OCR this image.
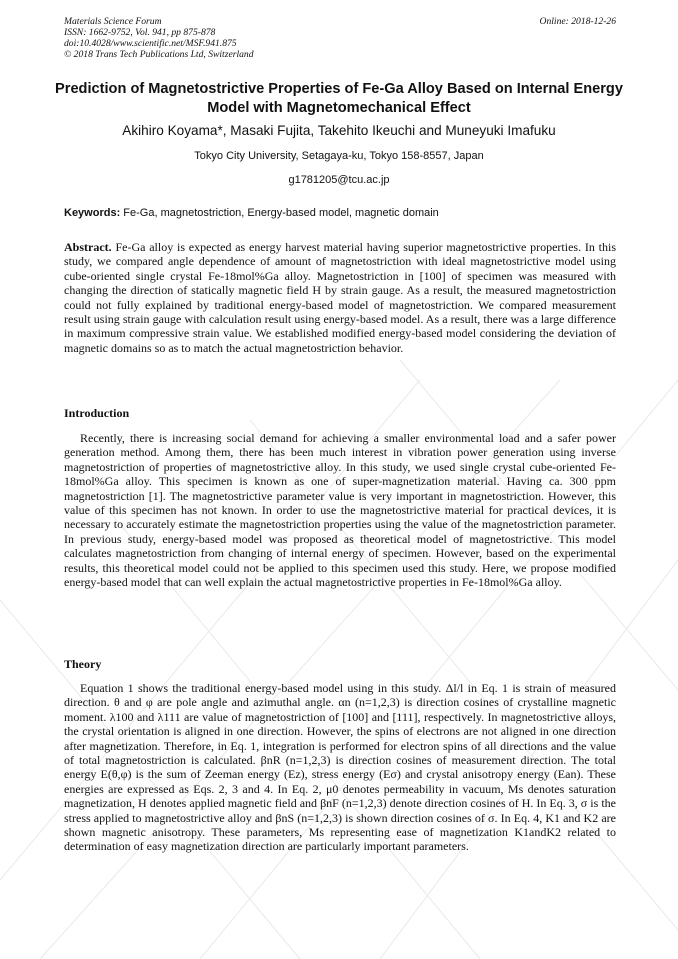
Materials Science Forum
ISSN: 1662-9752, Vol. 941, pp 875-878
doi:10.4028/www.scientific.net/MSF.941.875
© 2018 Trans Tech Publications Ltd, Switzerland
Online: 2018-12-26
Prediction of Magnetostrictive Properties of Fe-Ga Alloy Based on Internal Energy Model with Magnetomechanical Effect
Akihiro Koyama*, Masaki Fujita, Takehito Ikeuchi and Muneyuki Imafuku
Tokyo City University, Setagaya-ku, Tokyo 158-8557, Japan
g1781205@tcu.ac.jp
Keywords: Fe-Ga, magnetostriction, Energy-based model, magnetic domain
Abstract. Fe-Ga alloy is expected as energy harvest material having superior magnetostrictive properties. In this study, we compared angle dependence of amount of magnetostriction with ideal magnetostrictive model using cube-oriented single crystal Fe-18mol%Ga alloy. Magnetostriction in [100] of specimen was measured with changing the direction of statically magnetic field H by strain gauge. As a result, the measured magnetostriction could not fully explained by traditional energy-based model of magnetostriction. We compared measurement result using strain gauge with calculation result using energy-based model. As a result, there was a large difference in maximum compressive strain value. We established modified energy-based model considering the deviation of magnetic domains so as to match the actual magnetostriction behavior.
Introduction
Recently, there is increasing social demand for achieving a smaller environmental load and a safer power generation method. Among them, there has been much interest in vibration power generation using inverse magnetostriction of properties of magnetostrictive alloy. In this study, we used single crystal cube-oriented Fe-18mol%Ga alloy. This specimen is known as one of super-magnetization material. Having ca. 300 ppm magnetostriction [1]. The magnetostrictive parameter value is very important in magnetostriction. However, this value of this specimen has not known. In order to use the magnetostrictive material for practical devices, it is necessary to accurately estimate the magnetostriction properties using the value of the magnetostriction parameter. In previous study, energy-based model was proposed as theoretical model of magnetostrictive. This model calculates magnetostriction from changing of internal energy of specimen. However, based on the experimental results, this theoretical model could not be applied to this specimen used this study. Here, we propose modified energy-based model that can well explain the actual magnetostrictive properties in Fe-18mol%Ga alloy.
Theory
Equation 1 shows the traditional energy-based model using in this study. Δl/l in Eq. 1 is strain of measured direction. θ and φ are pole angle and azimuthal angle. αn (n=1,2,3) is direction cosines of crystalline magnetic moment. λ100 and λ111 are value of magnetostriction of [100] and [111], respectively. In magnetostrictive alloys, the crystal orientation is aligned in one direction. However, the spins of electrons are not aligned in one direction after magnetization. Therefore, in Eq. 1, integration is performed for electron spins of all directions and the value of total magnetostriction is calculated. βnR (n=1,2,3) is direction cosines of measurement direction. The total energy E(θ,φ) is the sum of Zeeman energy (Ez), stress energy (Eσ) and crystal anisotropy energy (Ean). These energies are expressed as Eqs. 2, 3 and 4. In Eq. 2, μ0 denotes permeability in vacuum, Ms denotes saturation magnetization, H denotes applied magnetic field and βnF (n=1,2,3) denote direction cosines of H. In Eq. 3, σ is the stress applied to magnetostrictive alloy and βnS (n=1,2,3) is shown direction cosines of σ. In Eq. 4, K1 and K2 are shown magnetic anisotropy. These parameters, Ms representing ease of magnetization K1andK2 related to determination of easy magnetization direction are particularly important parameters.
